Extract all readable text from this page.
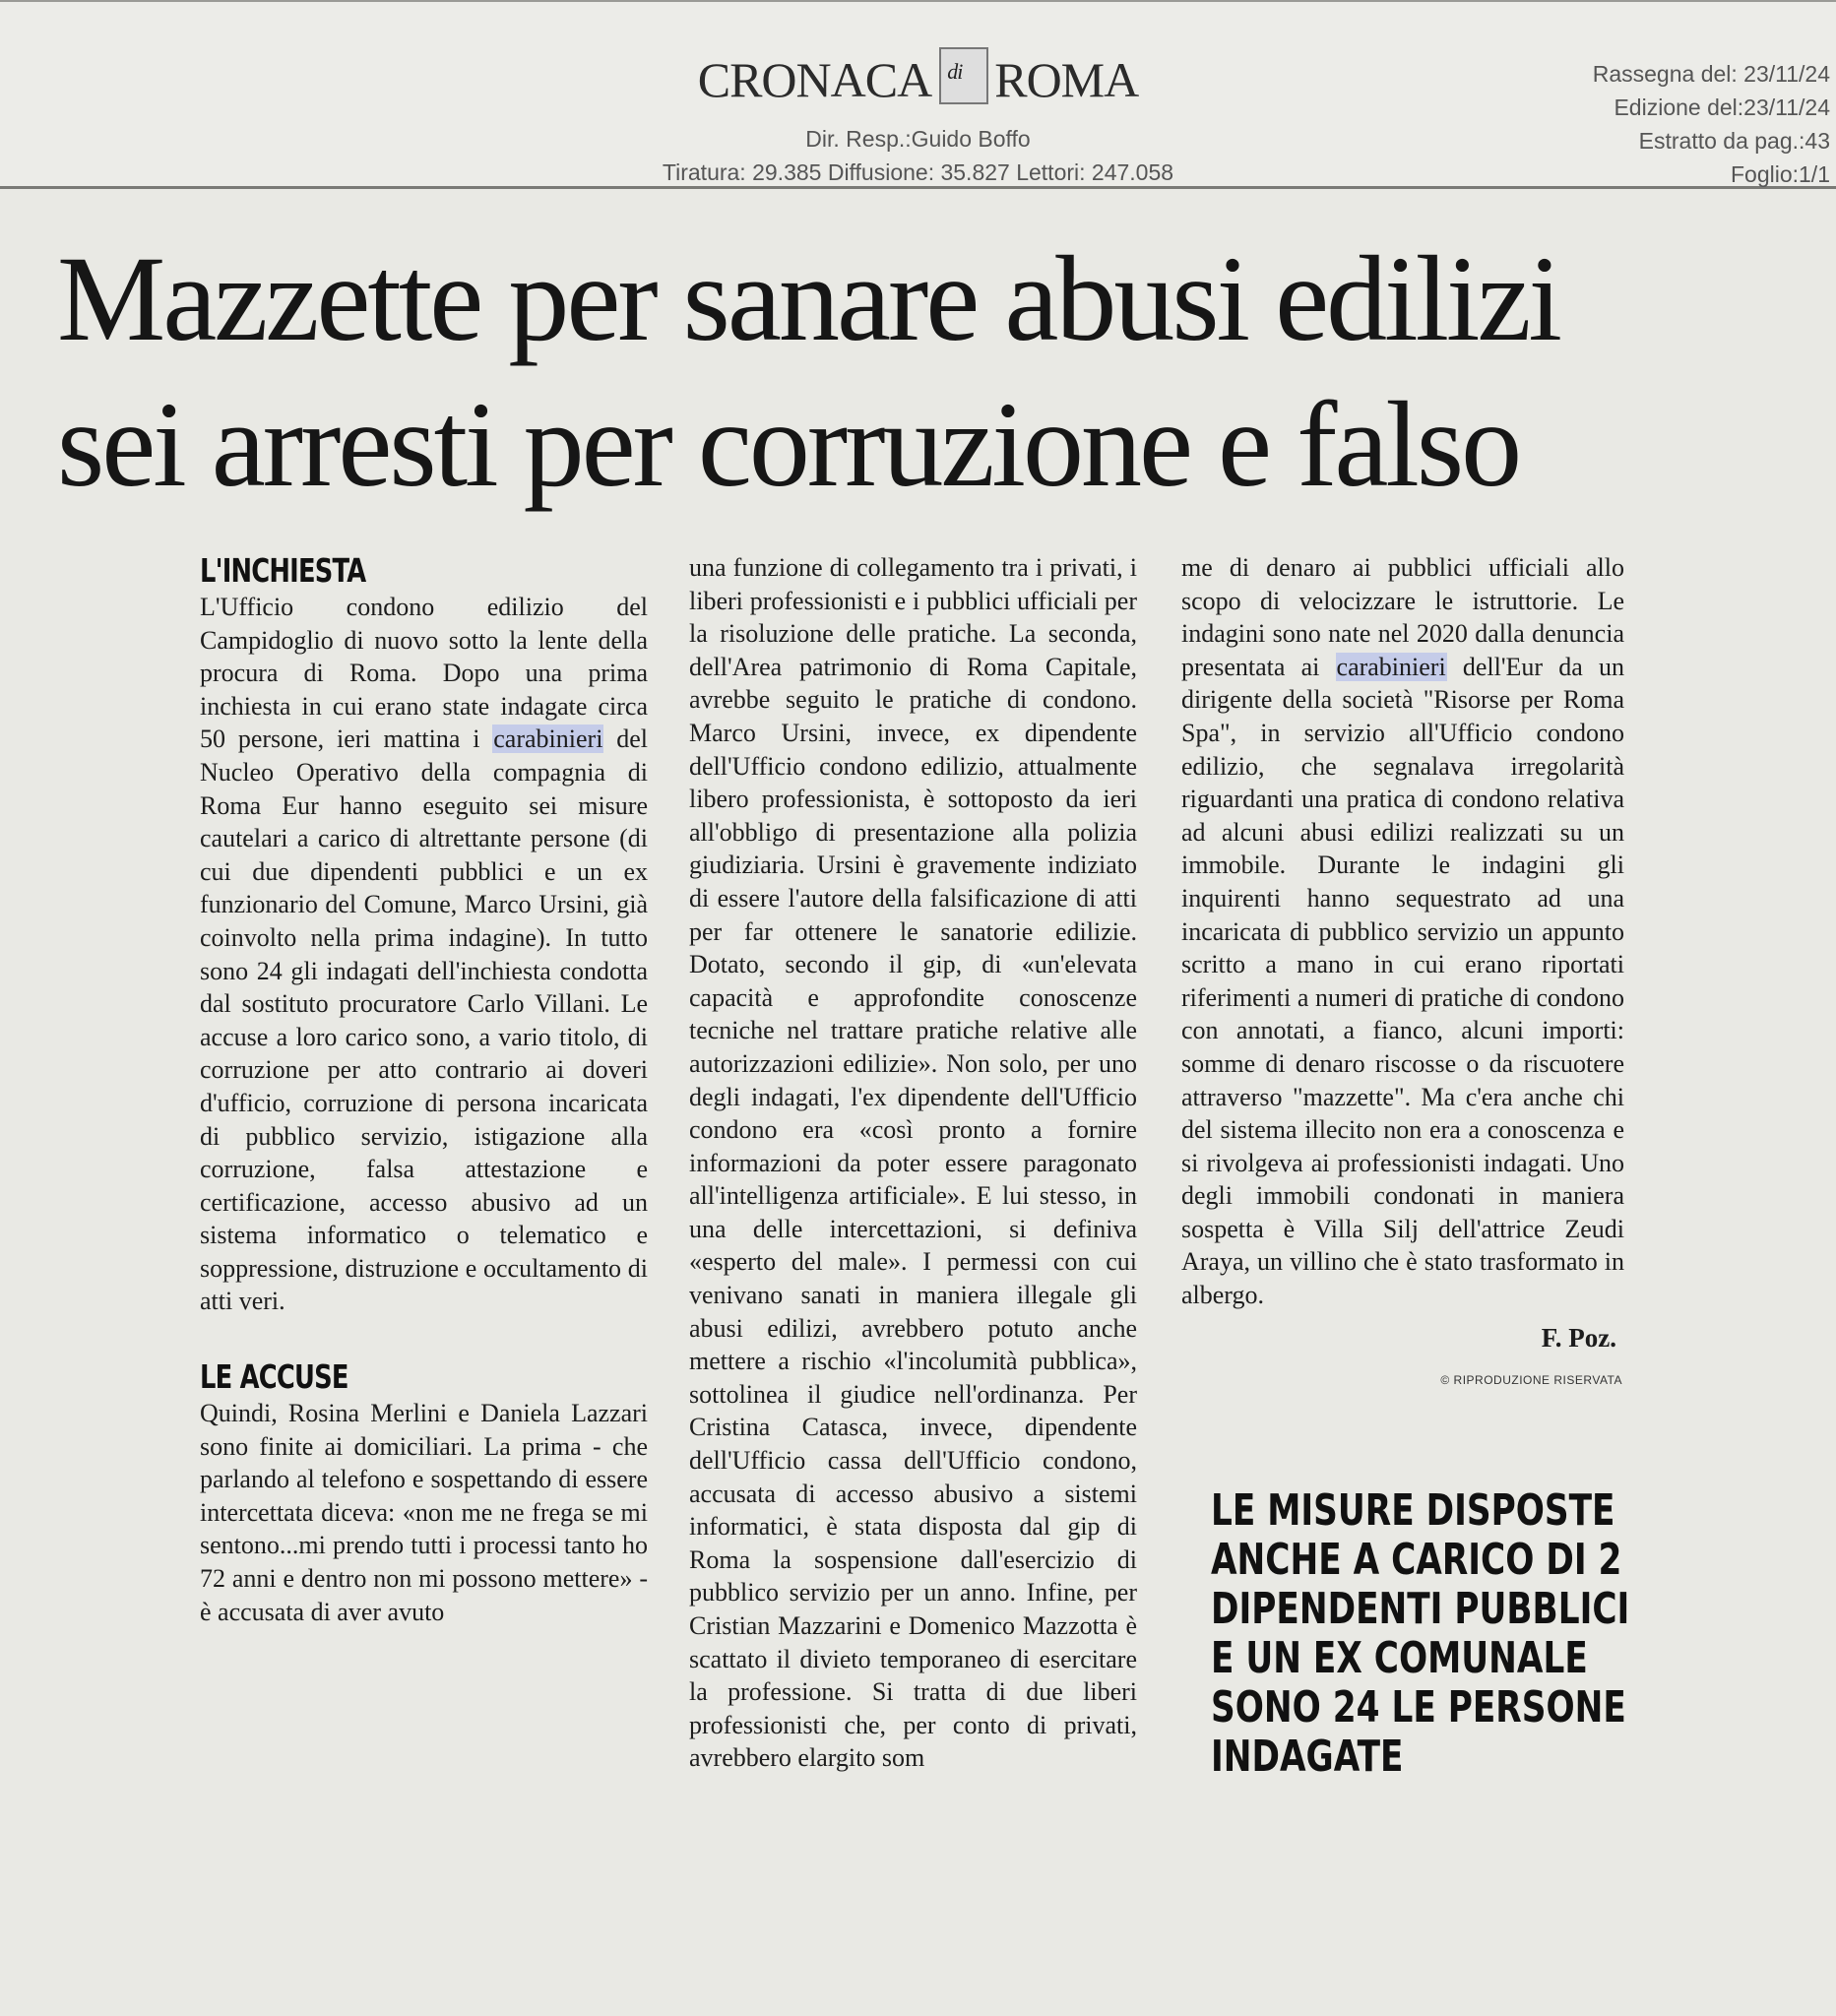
CRONACA di ROMA
Dir. Resp.:Guido Boffo
Tiratura: 29.385 Diffusione: 35.827 Lettori: 247.058
Rassegna del: 23/11/24
Edizione del:23/11/24
Estratto da pag.:43
Foglio:1/1
Mazzette per sanare abusi edilizi
sei arresti per corruzione e falso
L'INCHIESTA

L'Ufficio condono edilizio del Campidoglio di nuovo sotto la lente della procura di Roma. Dopo una prima inchiesta in cui erano state indagate circa 50 persone, ieri mattina i carabinieri del Nucleo Operativo della compagnia di Roma Eur hanno eseguito sei misure cautelari a carico di altrettante persone (di cui due dipendenti pubblici e un ex funzionario del Comune, Marco Ursini, già coinvolto nella prima indagine). In tutto sono 24 gli indagati dell'inchiesta condotta dal sostituto procuratore Carlo Villani. Le accuse a loro carico sono, a vario titolo, di corruzione per atto contrario ai doveri d'ufficio, corruzione di persona incaricata di pubblico servizio, istigazione alla corruzione, falsa attestazione e certificazione, accesso abusivo ad un sistema informatico o telematico e soppressione, distruzione e occultamento di atti veri.

LE ACCUSE

Quindi, Rosina Merlini e Daniela Lazzari sono finite ai domiciliari. La prima - che parlando al telefono e sospettando di essere intercettata diceva: «non me ne frega se mi sentono...mi prendo tutti i processi tanto ho 72 anni e dentro non mi possono mettere» - è accusata di aver avuto

una funzione di collegamento tra i privati, i liberi professionisti e i pubblici ufficiali per la risoluzione delle pratiche. La seconda, dell'Area patrimonio di Roma Capitale, avrebbe seguito le pratiche di condono. Marco Ursini, invece, ex dipendente dell'Ufficio condono edilizio, attualmente libero professionista, è sottoposto da ieri all'obbligo di presentazione alla polizia giudiziaria. Ursini è gravemente indiziato di essere l'autore della falsificazione di atti per far ottenere le sanatorie edilizie. Dotato, secondo il gip, di «un'elevata capacità e approfondite conoscenze tecniche nel trattare pratiche relative alle autorizzazioni edilizie». Non solo, per uno degli indagati, l'ex dipendente dell'Ufficio condono era «così pronto a fornire informazioni da poter essere paragonato all'intelligenza artificiale». E lui stesso, in una delle intercettazioni, si definiva «esperto del male». I permessi con cui venivano sanati in maniera illegale gli abusi edilizi, avrebbero potuto anche mettere a rischio «l'incolumità pubblica», sottolinea il giudice nell'ordinanza. Per Cristina Catasca, invece, dipendente dell'Ufficio cassa dell'Ufficio condono, accusata di accesso abusivo a sistemi informatici, è stata disposta dal gip di Roma la sospensione dall'esercizio di pubblico servizio per un anno. Infine, per Cristian Mazzarini e Domenico Mazzotta è scattato il divieto temporaneo di esercitare la professione. Si tratta di due liberi professionisti che, per conto di privati, avrebbero elargito som

me di denaro ai pubblici ufficiali allo scopo di velocizzare le istruttorie. Le indagini sono nate nel 2020 dalla denuncia presentata ai carabinieri dell'Eur da un dirigente della società "Risorse per Roma Spa", in servizio all'Ufficio condono edilizio, che segnalava irregolarità riguardanti una pratica di condono relativa ad alcuni abusi edilizi realizzati su un immobile. Durante le indagini gli inquirenti hanno sequestrato ad una incaricata di pubblico servizio un appunto scritto a mano in cui erano riportati riferimenti a numeri di pratiche di condono con annotati, a fianco, alcuni importi: somme di denaro riscosse o da riscuotere attraverso "mazzette". Ma c'era anche chi del sistema illecito non era a conoscenza e si rivolgeva ai professionisti indagati. Uno degli immobili condonati in maniera sospetta è Villa Silj dell'attrice Zeudi Araya, un villino che è stato trasformato in albergo.

F. Poz.
© RIPRODUZIONE RISERVATA
LE MISURE DISPOSTE
ANCHE A CARICO DI 2
DIPENDENTI PUBBLICI
E UN EX COMUNALE
SONO 24 LE PERSONE
INDAGATE
